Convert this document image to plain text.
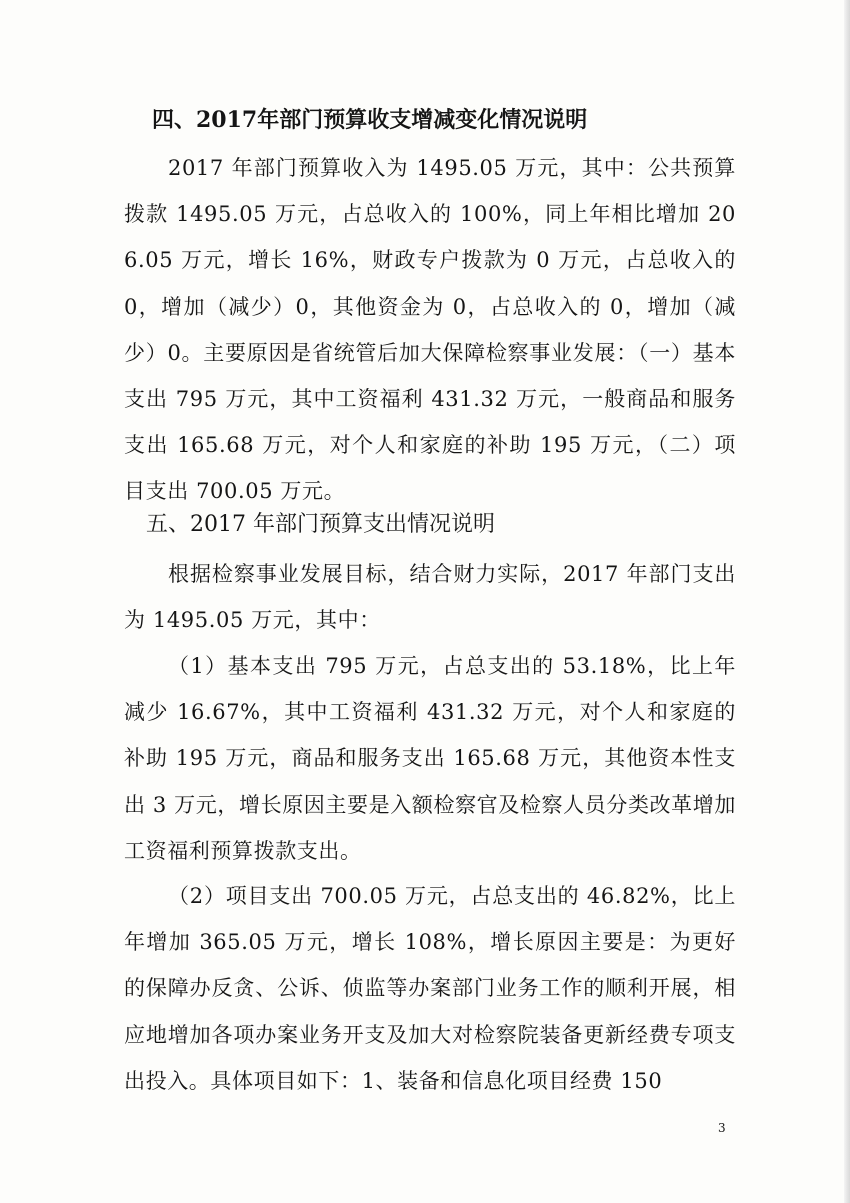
四、2017年部门预算收支增减变化情况说明

2017 年部门预算收入为 1495.05 万元，其中：公共预算拨款 1495.05 万元，占总收入的 100%，同上年相比增加 206.05 万元，增长 16%，财政专户拨款为 0 万元，占总收入的 0，增加（减少）0，其他资金为 0，占总收入的 0，增加（减少）0。主要原因是省统管后加大保障检察事业发展：（一）基本支出 795 万元，其中工资福利 431.32 万元，一般商品和服务支出 165.68 万元，对个人和家庭的补助 195 万元，（二）项目支出 700.05 万元。

五、2017 年部门预算支出情况说明

根据检察事业发展目标，结合财力实际，2017 年部门支出为 1495.05 万元，其中：

（1）基本支出 795 万元，占总支出的 53.18%，比上年减少 16.67%，其中工资福利 431.32 万元，对个人和家庭的补助 195 万元，商品和服务支出 165.68 万元，其他资本性支出 3 万元，增长原因主要是入额检察官及检察人员分类改革增加工资福利预算拨款支出。

（2）项目支出 700.05 万元，占总支出的 46.82%，比上年增加 365.05 万元，增长 108%，增长原因主要是：为更好的保障办反贪、公诉、侦监等办案部门业务工作的顺利开展，相应地增加各项办案业务开支及加大对检察院装备更新经费专项支出投入。具体项目如下：1、装备和信息化项目经费 150

3
